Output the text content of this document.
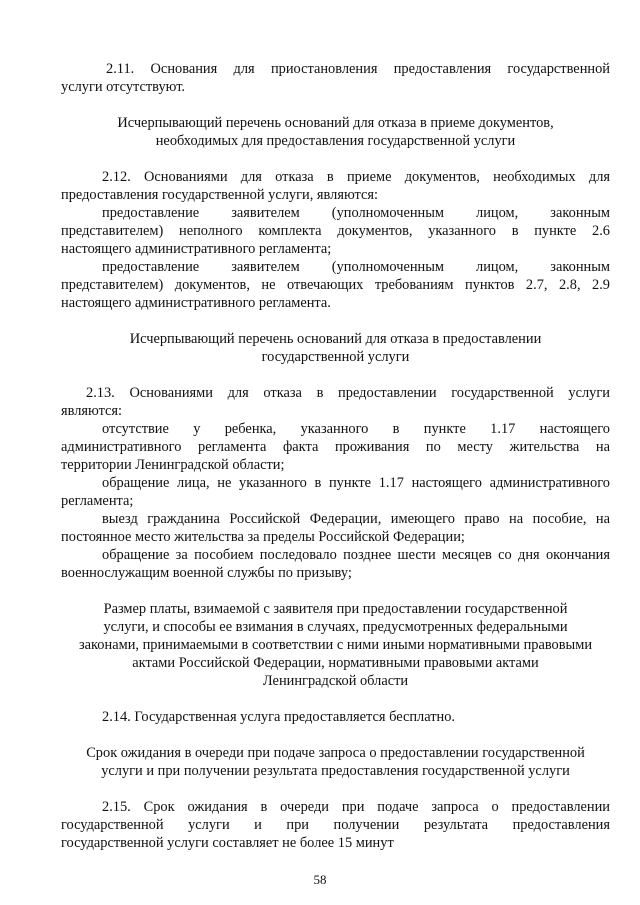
2.11. Основания для приостановления предоставления государственной
услуги отсутствуют.
Исчерпывающий перечень оснований для отказа в приеме документов,
необходимых для предоставления государственной услуги
2.12. Основаниями для отказа в приеме документов, необходимых для
предоставления государственной услуги, являются:
предоставление заявителем (уполномоченным лицом, законным
представителем) неполного комплекта документов, указанного в пункте 2.6
настоящего административного регламента;
предоставление заявителем (уполномоченным лицом, законным
представителем) документов, не отвечающих требованиям пунктов 2.7, 2.8, 2.9
настоящего административного регламента.
Исчерпывающий перечень оснований для отказа в предоставлении
государственной услуги
2.13. Основаниями для отказа в предоставлении государственной услуги
являются:
отсутствие у ребенка, указанного в пункте 1.17 настоящего
административного регламента факта проживания по месту жительства на
территории Ленинградской области;
обращение лица, не указанного в пункте 1.17 настоящего административного
регламента;
выезд гражданина Российской Федерации, имеющего право на пособие, на
постоянное место жительства за пределы Российской Федерации;
обращение за пособием последовало позднее шести месяцев со дня окончания
военнослужащим военной службы по призыву;
Размер платы, взимаемой с заявителя при предоставлении государственной
услуги, и способы ее взимания в случаях, предусмотренных федеральными
законами, принимаемыми в соответствии с ними иными нормативными правовыми
актами Российской Федерации, нормативными правовыми актами
Ленинградской области
2.14. Государственная услуга предоставляется бесплатно.
Срок ожидания в очереди при подаче запроса о предоставлении государственной
услуги и при получении результата предоставления государственной услуги
2.15. Срок ожидания в очереди при подаче запроса о предоставлении
государственной услуги и при получении результата предоставления
государственной услуги составляет не более 15 минут
58
